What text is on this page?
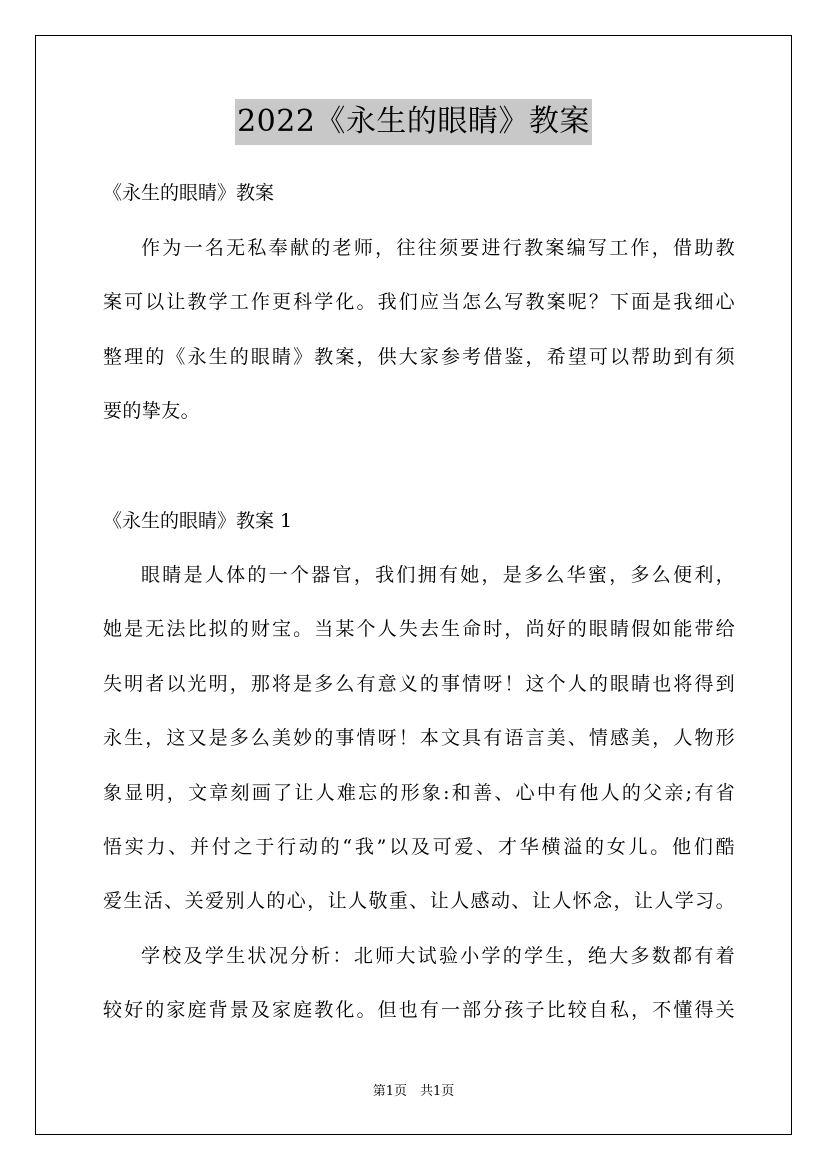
2022《永生的眼睛》教案
《永生的眼睛》教案
作为一名无私奉献的老师，往往须要进行教案编写工作，借助教
案可以让教学工作更科学化。我们应当怎么写教案呢？下面是我细心
整理的《永生的眼睛》教案，供大家参考借鉴，希望可以帮助到有须
要的挚友。
《永生的眼睛》教案 1
眼睛是人体的一个器官，我们拥有她，是多么华蜜，多么便利，
她是无法比拟的财宝。当某个人失去生命时，尚好的眼睛假如能带给
失明者以光明，那将是多么有意义的事情呀！这个人的眼睛也将得到
永生，这又是多么美妙的事情呀！本文具有语言美、情感美，人物形
象显明，文章刻画了让人难忘的形象:和善、心中有他人的父亲;有省
悟实力、并付之于行动的“我”以及可爱、才华横溢的女儿。他们酷
爱生活、关爱别人的心，让人敬重、让人感动、让人怀念，让人学习。
学校及学生状况分析：北师大试验小学的学生，绝大多数都有着
较好的家庭背景及家庭教化。但也有一部分孩子比较自私，不懂得关
第1页　共1页
